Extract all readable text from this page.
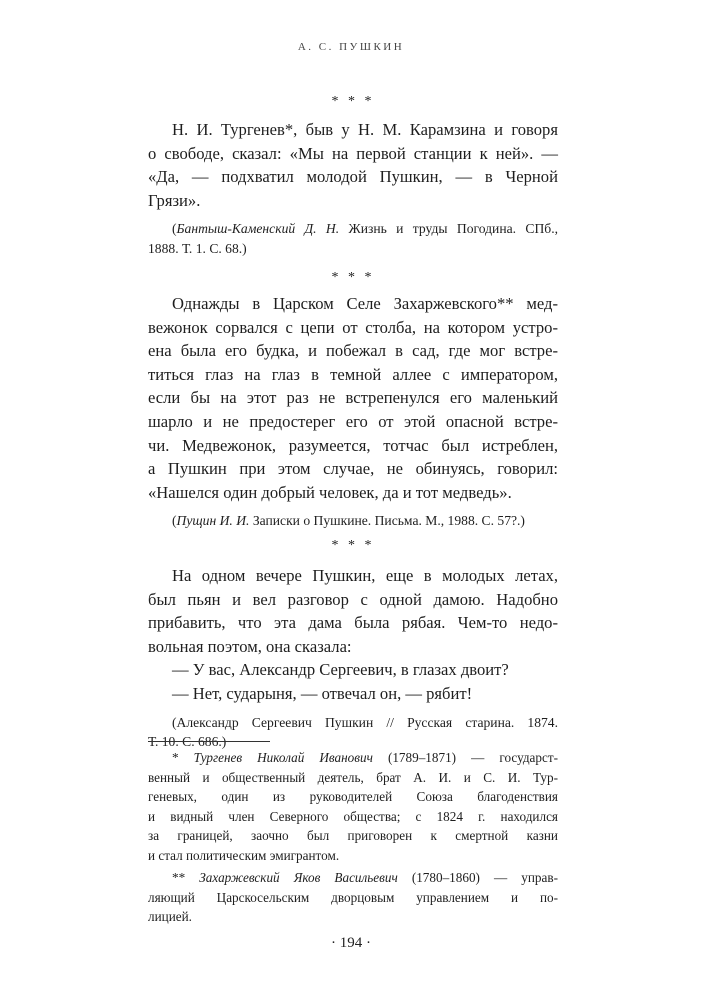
А. С. ПУШКИН
* * *

Н. И. Тургенев*, быв у Н. М. Карамзина и говоря
о свободе, сказал: «Мы на первой станции к ней». —
«Да, — подхватил молодой Пушкин, — в Черной
Грязи».

(Бантыш-Каменский Д. Н. Жизнь и труды Погодина. СПб.,
1888. Т. 1. С. 68.)

* * *

Однажды в Царском Селе Захаржевского** мед-
вежонок сорвался с цепи от столба, на котором устро-
ена была его будка, и побежал в сад, где мог встре-
титься глаз на глаз в темной аллее с императором,
если бы на этот раз не встрепенулся его маленький
шарло и не предостерег его от этой опасной встре-
чи. Медвежонок, разумеется, тотчас был истреблен,
а Пушкин при этом случае, не обинуясь, говорил:
«Нашелся один добрый человек, да и тот медведь».

(Пущин И. И. Записки о Пушкине. Письма. М., 1988. С. 57?.)

* * *

На одном вечере Пушкин, еще в молодых летах,
был пьян и вел разговор с одной дамою. Надобно
прибавить, что эта дама была рябая. Чем-то недо-
вольная поэтом, она сказала:
— У вас, Александр Сергеевич, в глазах двоит?
— Нет, сударыня, — отвечал он, — рябит!

(Александр Сергеевич Пушкин // Русская старина. 1874.
Т. 10. С. 686.)

* Тургенев Николай Иванович (1789–1871) — государст-
венный и общественный деятель, брат А. И. и С. И. Тур-
геневых, один из руководителей Союза благоденствия
и видный член Северного общества; с 1824 г. находился
за границей, заочно был приговорен к смертной казни
и стал политическим эмигрантом.

** Захаржевский Яков Васильевич (1780–1860) — управ-
ляющий Царскосельским дворцовым управлением и по-
лицией.

· 194 ·
